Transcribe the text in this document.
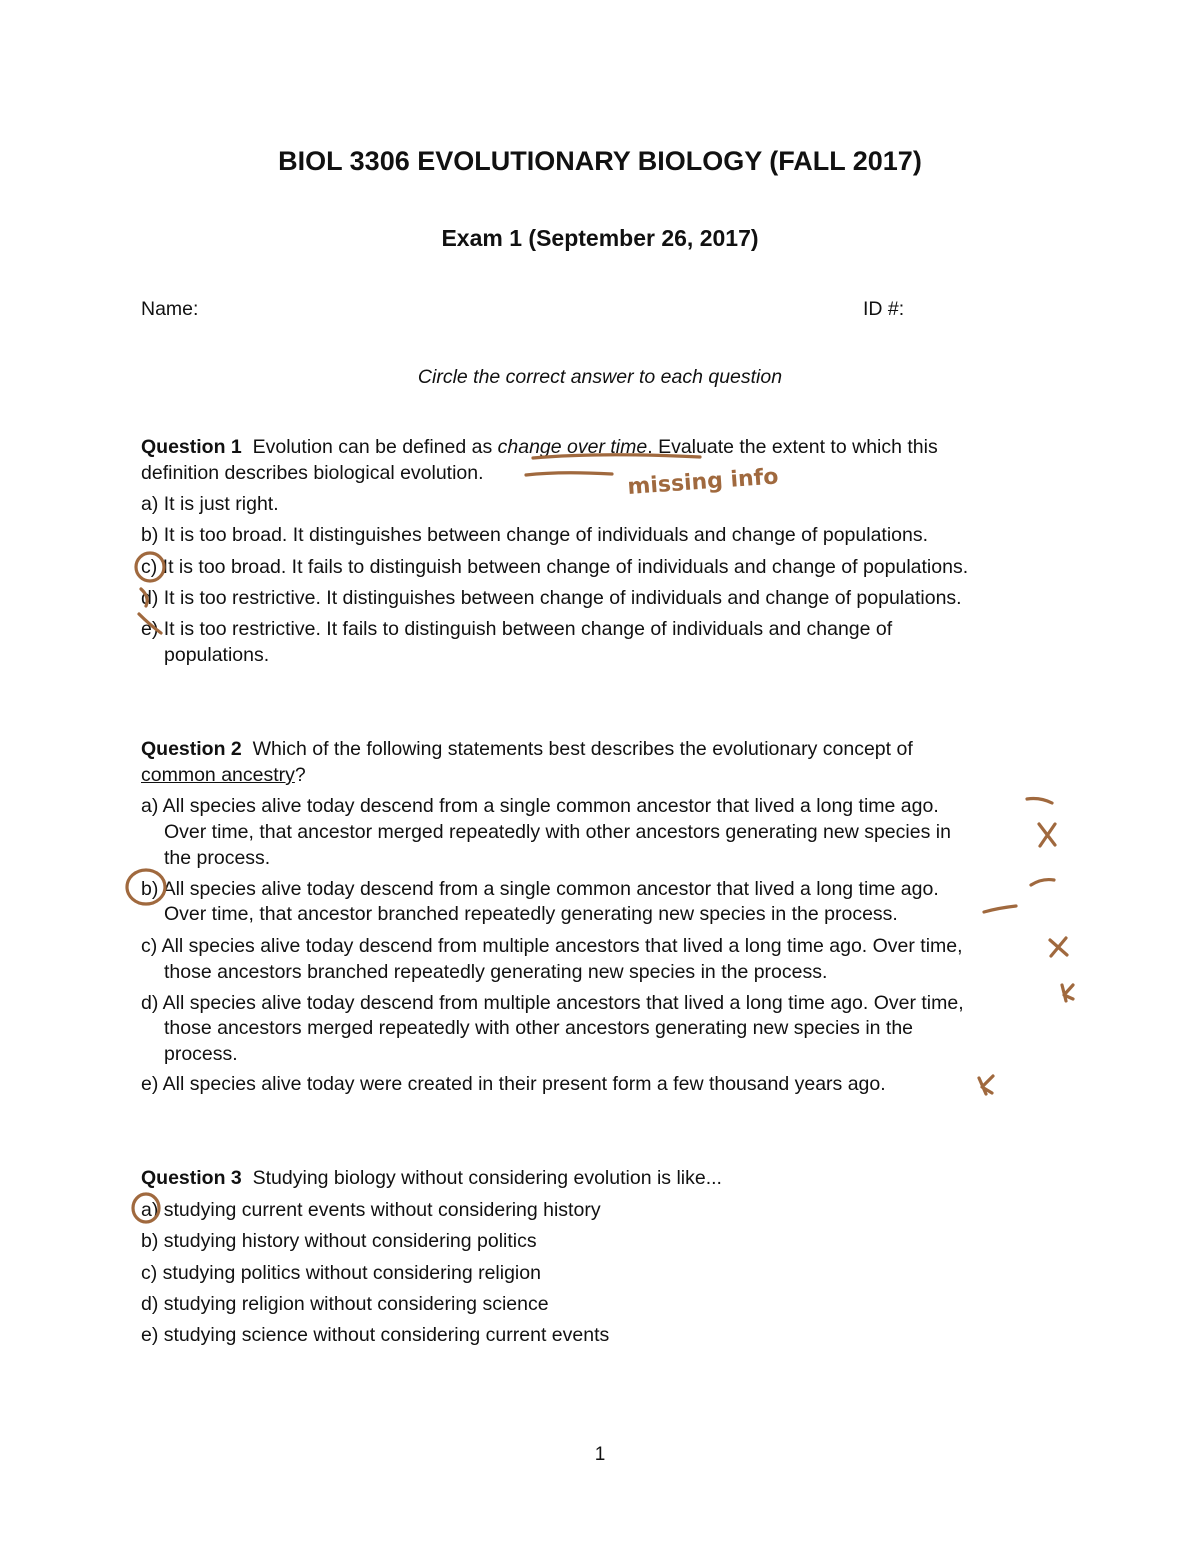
BIOL 3306 EVOLUTIONARY BIOLOGY (FALL 2017)
Exam 1 (September 26, 2017)
Name:	ID #:
Circle the correct answer to each question
Question 1 Evolution can be defined as change over time. Evaluate the extent to which this
definition describes biological evolution.
a) It is just right.
b) It is too broad. It distinguishes between change of individuals and change of populations.
c) It is too broad. It fails to distinguish between change of individuals and change of populations.
d) It is too restrictive. It distinguishes between change of individuals and change of populations.
e) It is too restrictive. It fails to distinguish between change of individuals and change of
populations.
Question 2 Which of the following statements best describes the evolutionary concept of
common ancestry?
a) All species alive today descend from a single common ancestor that lived a long time ago.
Over time, that ancestor merged repeatedly with other ancestors generating new species in
the process.
b) All species alive today descend from a single common ancestor that lived a long time ago.
Over time, that ancestor branched repeatedly generating new species in the process.
c) All species alive today descend from multiple ancestors that lived a long time ago. Over time,
those ancestors branched repeatedly generating new species in the process.
d) All species alive today descend from multiple ancestors that lived a long time ago. Over time,
those ancestors merged repeatedly with other ancestors generating new species in the
process.
e) All species alive today were created in their present form a few thousand years ago.
Question 3 Studying biology without considering evolution is like...
a) studying current events without considering history
b) studying history without considering politics
c) studying politics without considering religion
d) studying religion without considering science
e) studying science without considering current events
1
missing info
